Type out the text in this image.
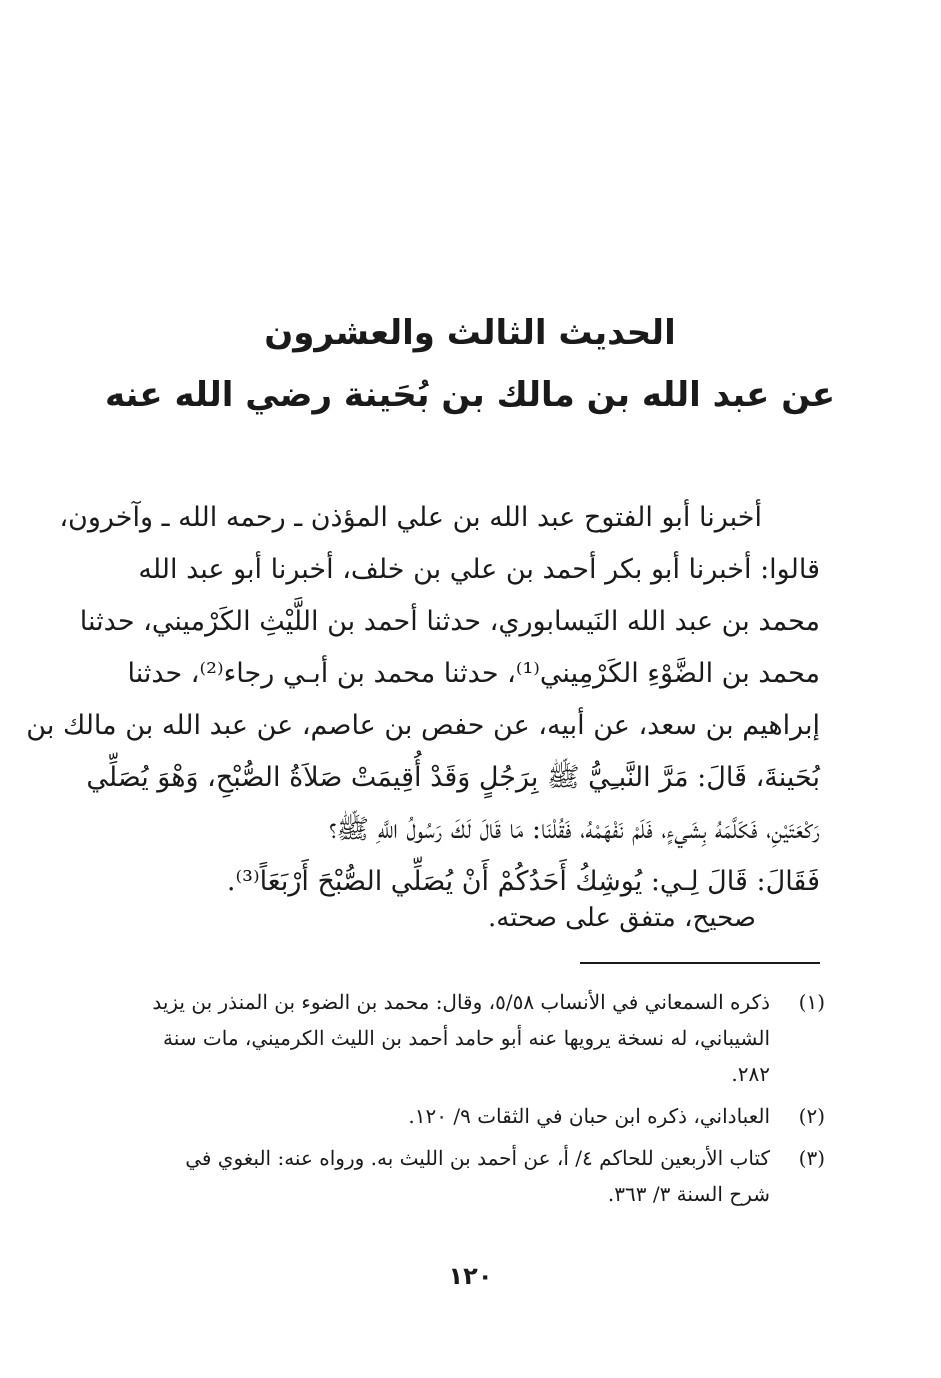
الحديث الثالث والعشرون
عن عبد الله بن مالك بن بُحَينة رضي الله عنه
أخبرنا أبو الفتوح عبد الله بن علي المؤذن ـ رحمه الله ـ وآخرون،
قالوا: أخبرنا أبو بكر أحمد بن علي بن خلف، أخبرنا أبو عبد الله
محمد بن عبد الله النَيسابوري، حدثنا أحمد بن اللَّيْثِ الكَرْميني، حدثنا
محمد بن الضَّوْءِ الكَرْمِيني⁽¹⁾، حدثنا محمد بن أبـي رجاء⁽²⁾، حدثنا
إبراهيم بن سعد، عن أبيه، عن حفص بن عاصم، عن عبد الله بن مالك بن
بُحَينةَ، قَالَ: مَرَّ النَّبـِيُّ ﷺ بِرَجُلٍ وَقَدْ أُقِيمَتْ صَلاَةُ الصُّبْحِ، وَهْوَ يُصَلِّي
رَكْعَتَيْنِ، فَكَلَّمَهُ بِشَيءٍ، فَلَمْ نَفْهَمْهُ، فَقُلْنَا: مَا قَالَ لَكَ رَسُولُ اللَّهِ ﷺ؟
فَقَالَ: قَالَ لِـي: يُوشِكُ أَحَدُكُمْ أَنْ يُصَلِّي الصُّبْحَ أَرْبَعَاً⁽³⁾.
صحيح، متفق على صحته.
(١)
ذكره السمعاني في الأنساب ٥/٥٨، وقال: محمد بن الضوء بن المنذر بن يزيد
الشيباني، له نسخة يرويها عنه أبو حامد أحمد بن الليث الكرميني، مات سنة
٢٨٢.
(٢)
العباداني، ذكره ابن حبان في الثقات ٩/ ١٢٠.
(٣)
كتاب الأربعين للحاكم ٤/ أ، عن أحمد بن الليث به. ورواه عنه: البغوي في
شرح السنة ٣/ ٣٦٣.
١٢٠
